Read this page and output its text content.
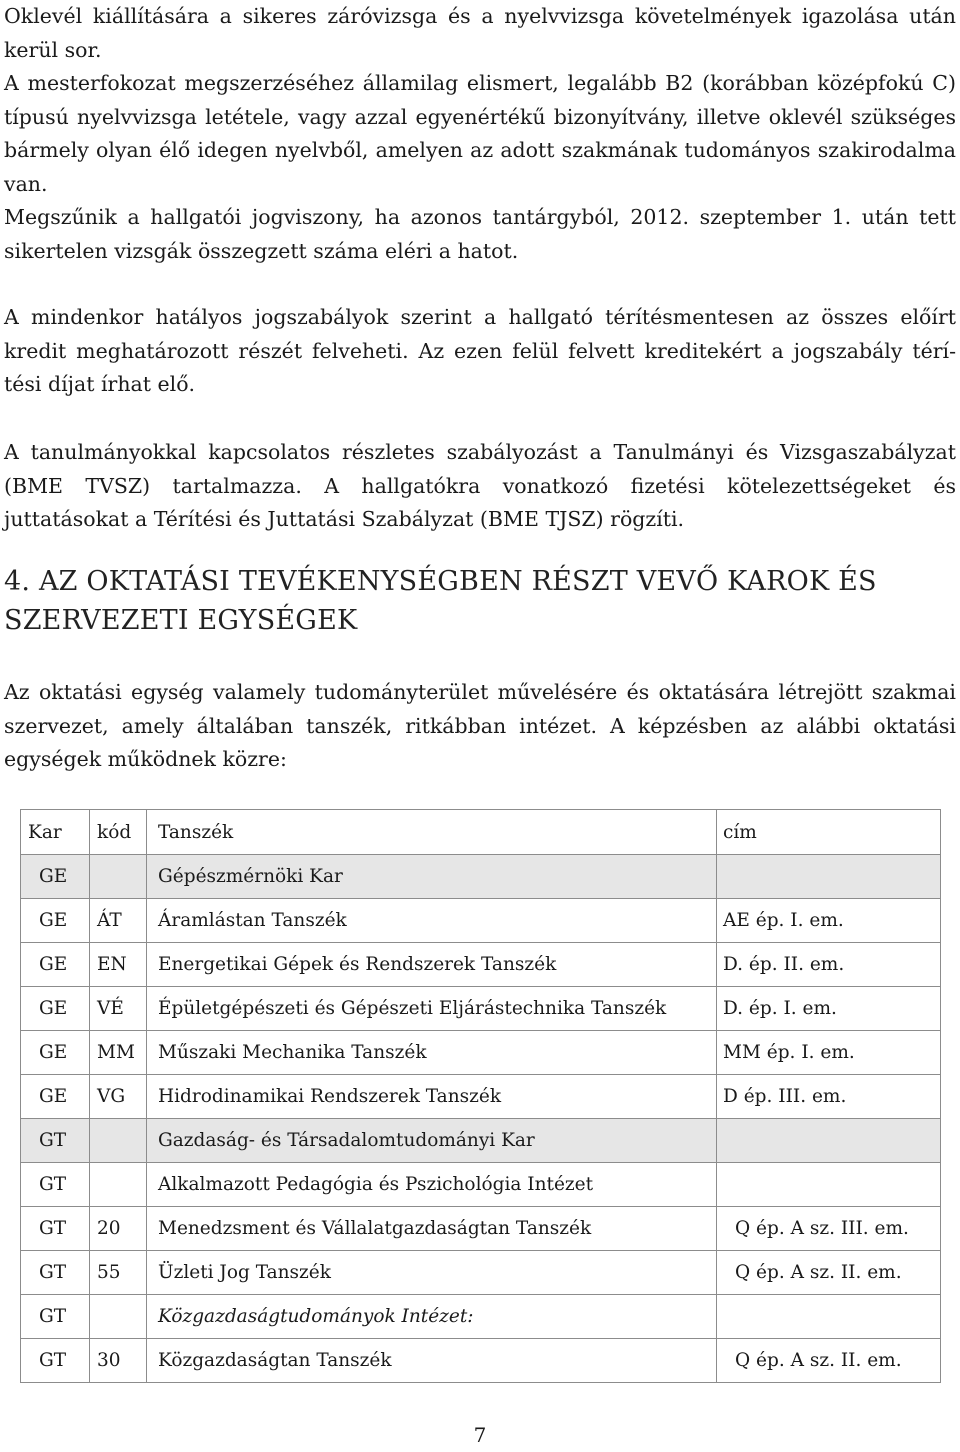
Oklevél kiállítására a sikeres záróvizsga és a nyelvvizsga követelmények igazolása után kerül sor.

A mesterfokozat megszerzéséhez államilag elismert, legalább B2 (korábban középfokú C) típusú nyelvvizsga letétele, vagy azzal egyenértékű bizonyítvány, illetve oklevél szükséges bármely olyan élő idegen nyelvből, amelyen az adott szakmának tudományos szakirodalma van.

Megszűnik a hallgatói jogviszony, ha azonos tantárgyból, 2012. szeptember 1. után tett sikertelen vizsgák összegzett száma eléri a hatot.

A mindenkor hatályos jogszabályok szerint a hallgató térítésmentesen az összes előírt kredit meghatározott részét felveheti. Az ezen felül felvett kreditekért a jogszabály térí-tési díjat írhat elő.

A tanulmányokkal kapcsolatos részletes szabályozást a Tanulmányi és Vizsgaszabályzat (BME TVSZ) tartalmazza. A hallgatókra vonatkozó fizetési kötelezettségeket és juttatásokat a Térítési és Juttatási Szabályzat (BME TJSZ) rögzíti.

4. AZ OKTATÁSI TEVÉKENYSÉGBEN RÉSZT VEVŐ KAROK ÉS
SZERVEZETI EGYSÉGEK

Az oktatási egység valamely tudományterület művelésére és oktatására létrejött szakmai szervezet, amely általában tanszék, ritkábban intézet. A képzésben az alábbi oktatási egységek működnek közre:

Kar	kód	Tanszék	cím
GE		Gépészmérnöki Kar	
GE	ÁT	Áramlástan Tanszék	AE ép. I. em.
GE	EN	Energetikai Gépek és Rendszerek Tanszék	D. ép. II. em.
GE	VÉ	Épületgépészeti és Gépészeti Eljárástechnika Tanszék	D. ép. I. em.
GE	MM	Műszaki Mechanika Tanszék	MM ép. I. em.
GE	VG	Hidrodinamikai Rendszerek Tanszék	D ép. III. em.
GT		Gazdaság- és Társadalomtudományi Kar	
GT		Alkalmazott Pedagógia és Pszichológia Intézet	
GT	20	Menedzsment és Vállalatgazdaságtan Tanszék	Q ép. A sz. III. em.
GT	55	Üzleti Jog Tanszék	Q ép. A sz. II. em.
GT		Közgazdaságtudományok Intézet:	
GT	30	Közgazdaságtan Tanszék	Q ép. A sz. II. em.
7
